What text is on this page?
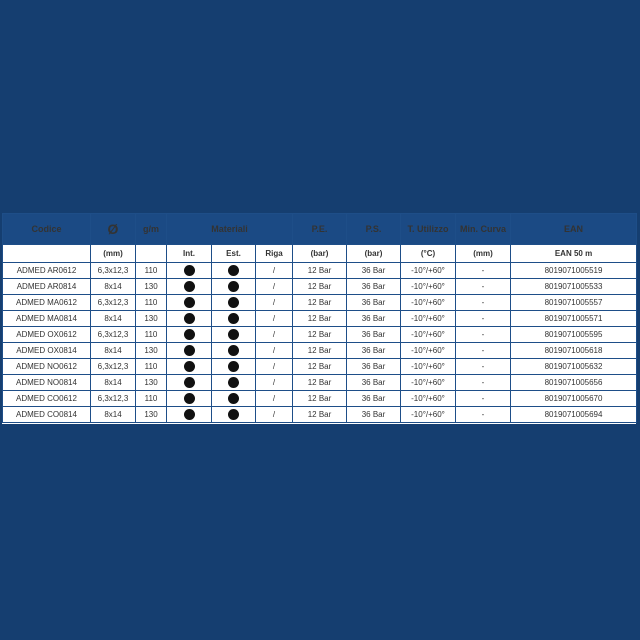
Codice	Ø	g/m	Materiali			P.E.	P.S.	T. Utilizzo	Min. Curva	EAN
	(mm)		Int.	Est.	Riga	(bar)	(bar)	(°C)	(mm)	EAN 50 m
ADMED AR0612	6,3x12,3	110			/	12 Bar	36 Bar	-10°/+60°	-	8019071005519
ADMED AR0814	8x14	130			/	12 Bar	36 Bar	-10°/+60°	-	8019071005533
ADMED MA0612	6,3x12,3	110			/	12 Bar	36 Bar	-10°/+60°	-	8019071005557
ADMED MA0814	8x14	130			/	12 Bar	36 Bar	-10°/+60°	-	8019071005571
ADMED OX0612	6,3x12,3	110			/	12 Bar	36 Bar	-10°/+60°	-	8019071005595
ADMED OX0814	8x14	130			/	12 Bar	36 Bar	-10°/+60°	-	8019071005618
ADMED NO0612	6,3x12,3	110			/	12 Bar	36 Bar	-10°/+60°	-	8019071005632
ADMED NO0814	8x14	130			/	12 Bar	36 Bar	-10°/+60°	-	8019071005656
ADMED CO0612	6,3x12,3	110			/	12 Bar	36 Bar	-10°/+60°	-	8019071005670
ADMED CO0814	8x14	130			/	12 Bar	36 Bar	-10°/+60°	-	8019071005694
